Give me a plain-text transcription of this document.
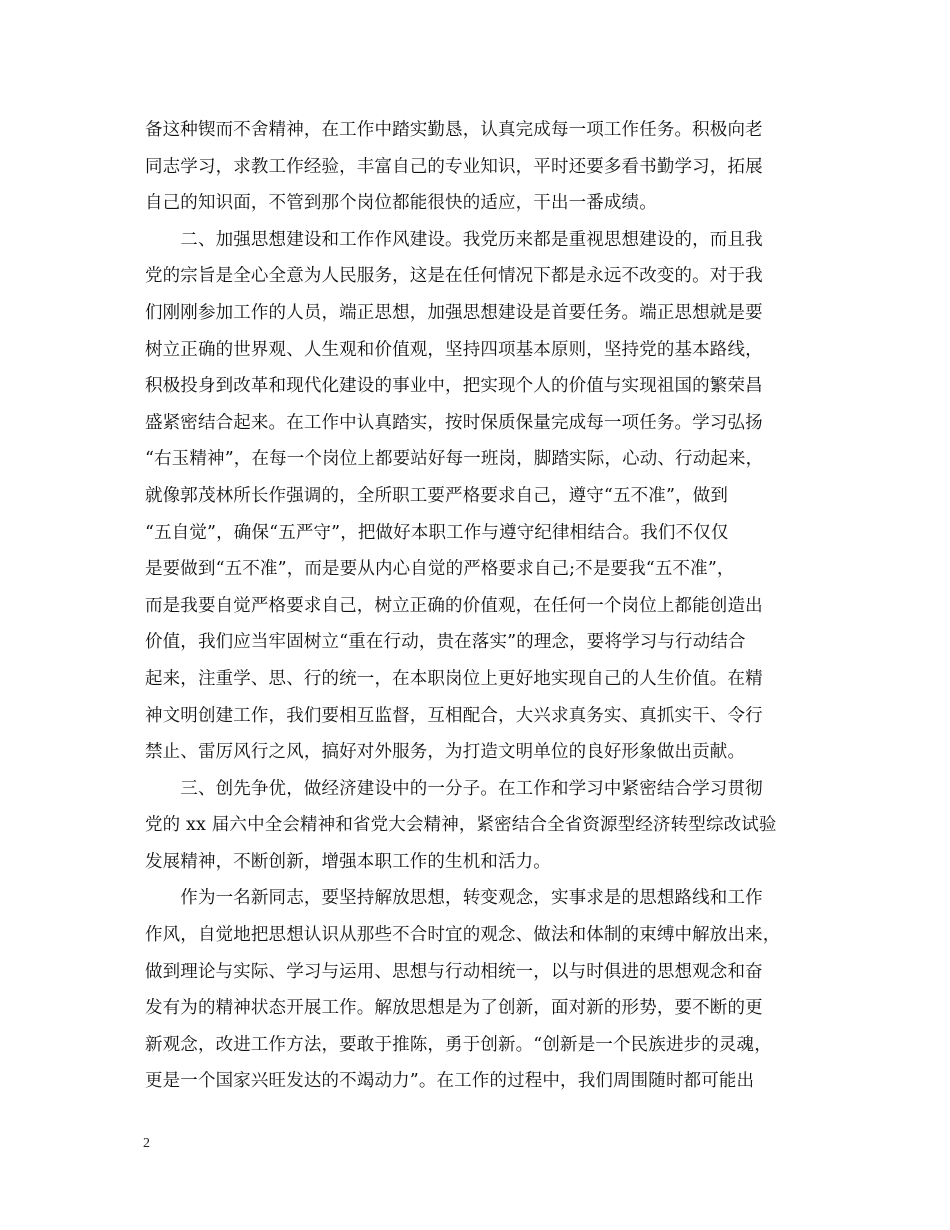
备这种锲而不舍精神，在工作中踏实勤恳，认真完成每一项工作任务。积极向老
同志学习，求教工作经验，丰富自己的专业知识，平时还要多看书勤学习，拓展
自己的知识面，不管到那个岗位都能很快的适应，干出一番成绩。
　　二、加强思想建设和工作作风建设。我党历来都是重视思想建设的，而且我
党的宗旨是全心全意为人民服务，这是在任何情况下都是永远不改变的。对于我
们刚刚参加工作的人员，端正思想，加强思想建设是首要任务。端正思想就是要
树立正确的世界观、人生观和价值观，坚持四项基本原则，坚持党的基本路线，
积极投身到改革和现代化建设的事业中，把实现个人的价值与实现祖国的繁荣昌
盛紧密结合起来。在工作中认真踏实，按时保质保量完成每一项任务。学习弘扬
“右玉精神”，在每一个岗位上都要站好每一班岗，脚踏实际，心动、行动起来，
就像郭茂林所长作强调的，全所职工要严格要求自己，遵守“五不准”，做到
“五自觉”，确保“五严守”，把做好本职工作与遵守纪律相结合。我们不仅仅
是要做到“五不准”，而是要从内心自觉的严格要求自己;不是要我“五不准”，
而是我要自觉严格要求自己，树立正确的价值观，在任何一个岗位上都能创造出
价值，我们应当牢固树立“重在行动，贵在落实”的理念，要将学习与行动结合
起来，注重学、思、行的统一，在本职岗位上更好地实现自己的人生价值。在精
神文明创建工作，我们要相互监督，互相配合，大兴求真务实、真抓实干、令行
禁止、雷厉风行之风，搞好对外服务，为打造文明单位的良好形象做出贡献。
　　三、创先争优，做经济建设中的一分子。在工作和学习中紧密结合学习贯彻
党的 xx 届六中全会精神和省党大会精神，紧密结合全省资源型经济转型综改试验
发展精神，不断创新，增强本职工作的生机和活力。
　　作为一名新同志，要坚持解放思想，转变观念，实事求是的思想路线和工作
作风，自觉地把思想认识从那些不合时宜的观念、做法和体制的束缚中解放出来，
做到理论与实际、学习与运用、思想与行动相统一，以与时俱进的思想观念和奋
发有为的精神状态开展工作。解放思想是为了创新，面对新的形势，要不断的更
新观念，改进工作方法，要敢于推陈，勇于创新。“创新是一个民族进步的灵魂，
更是一个国家兴旺发达的不竭动力”。在工作的过程中，我们周围随时都可能出
2
